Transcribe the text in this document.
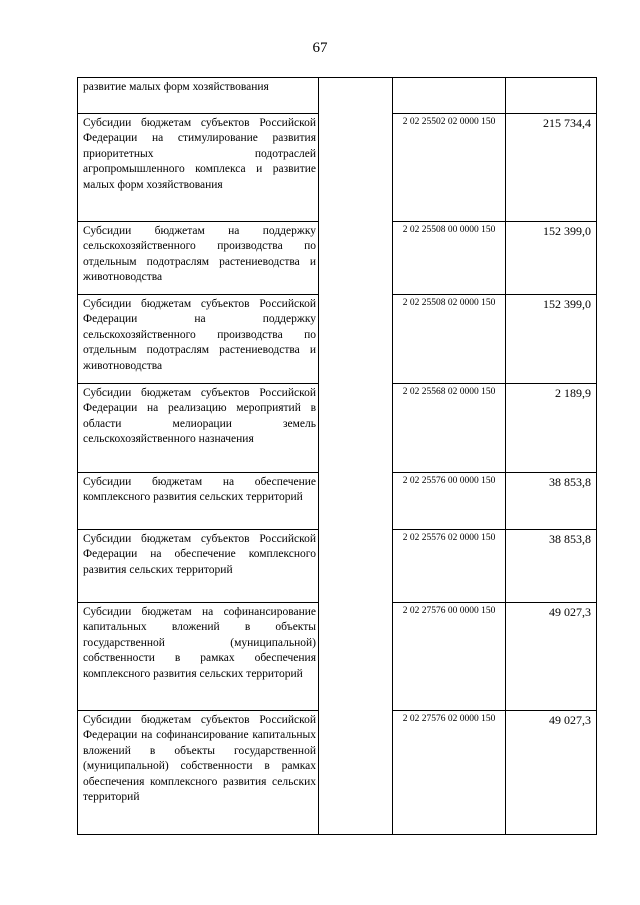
67
развитие малых форм хозяйствования			
Субсидии бюджетам субъектов Российской Федерации на стимулирование развития приоритетных подотраслей агропромышленного комплекса и развитие малых форм хозяйствования		2 02 25502 02 0000 150	215 734,4
Субсидии бюджетам на поддержку сельскохозяйственного производства по отдельным подотраслям растениеводства и животноводства		2 02 25508 00 0000 150	152 399,0
Субсидии бюджетам субъектов Российской Федерации на поддержку сельскохозяйственного производства по отдельным подотраслям растениеводства и животноводства		2 02 25508 02 0000 150	152 399,0
Субсидии бюджетам субъектов Российской Федерации на реализацию мероприятий в области мелиорации земель сельскохозяйственного назначения		2 02 25568 02 0000 150	2 189,9
Субсидии бюджетам на обеспечение комплексного развития сельских территорий		2 02 25576 00 0000 150	38 853,8
Субсидии бюджетам субъектов Российской Федерации на обеспечение комплексного развития сельских территорий		2 02 25576 02 0000 150	38 853,8
Субсидии бюджетам на софинансирование капитальных вложений в объекты государственной (муниципальной) собственности в рамках обеспечения комплексного развития сельских территорий		2 02 27576 00 0000 150	49 027,3
Субсидии бюджетам субъектов Российской Федерации на софинансирование капитальных вложений в объекты государственной (муниципальной) собственности в рамках обеспечения комплексного развития сельских территорий		2 02 27576 02 0000 150	49 027,3
